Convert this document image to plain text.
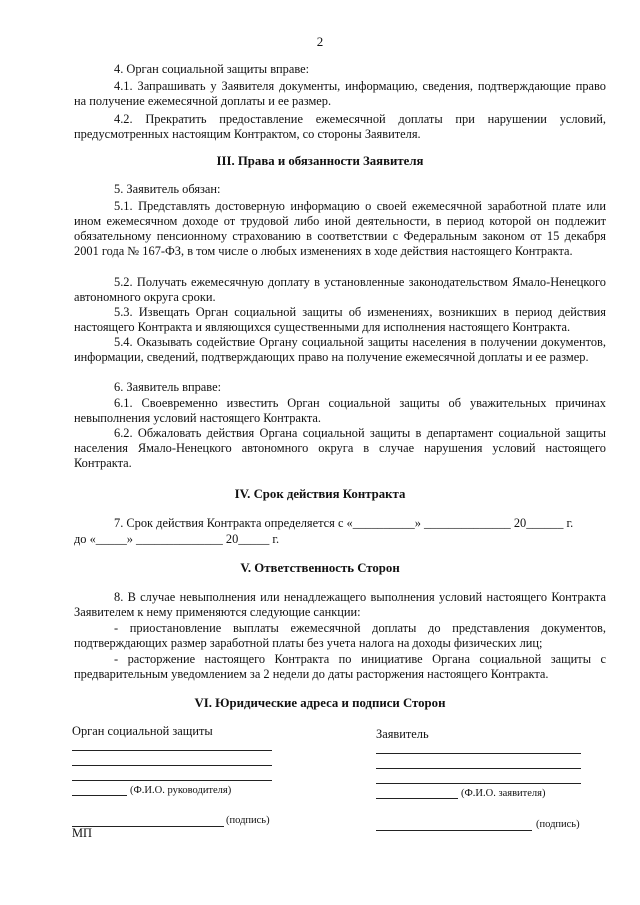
2
4. Орган социальной защиты вправе:
4.1. Запрашивать у Заявителя документы, информацию, сведения, подтверждающие право на получение ежемесячной доплаты и ее размер.
4.2. Прекратить предоставление ежемесячной доплаты при нарушении условий, предусмотренных настоящим Контрактом, со стороны Заявителя.
III. Права и обязанности Заявителя
5. Заявитель обязан:
5.1. Представлять достоверную информацию о своей ежемесячной заработной плате или ином ежемесячном доходе от трудовой либо иной деятельности, в период которой он подлежит обязательному пенсионному страхованию в соответствии с Федеральным законом от 15 декабря 2001 года № 167-ФЗ, в том числе о любых изменениях в ходе действия настоящего Контракта.
5.2. Получать ежемесячную доплату в установленные законодательством Ямало-Ненецкого автономного округа сроки.
5.3. Извещать Орган социальной защиты об изменениях, возникших в период действия настоящего Контракта и являющихся существенными для исполнения настоящего Контракта.
5.4. Оказывать содействие Органу социальной защиты населения в получении документов, информации, сведений, подтверждающих право на получение ежемесячной доплаты и ее размер.
6. Заявитель вправе:
6.1. Своевременно известить Орган социальной защиты об уважительных причинах невыполнения условий настоящего Контракта.
6.2. Обжаловать действия Органа социальной защиты в департамент социальной защиты населения Ямало-Ненецкого автономного округа в случае нарушения условий настоящего Контракта.
IV. Срок действия Контракта
7. Срок действия Контракта определяется с «__________» ______________ 20______ г.
до «_____» ______________ 20_____ г.
V. Ответственность Сторон
8. В случае невыполнения или ненадлежащего выполнения условий настоящего Контракта Заявителем к нему применяются следующие санкции:
- приостановление выплаты ежемесячной доплаты до представления документов, подтверждающих размер заработной платы без учета налога на доходы физических лиц;
- расторжение настоящего Контракта по инициативе Органа социальной защиты с предварительным уведомлением за 2 недели до даты расторжения настоящего Контракта.
VI. Юридические адреса и подписи Сторон
Орган социальной защиты
(Ф.И.О. руководителя)
(подпись)
МП
Заявитель
(Ф.И.О. заявителя)
(подпись)
